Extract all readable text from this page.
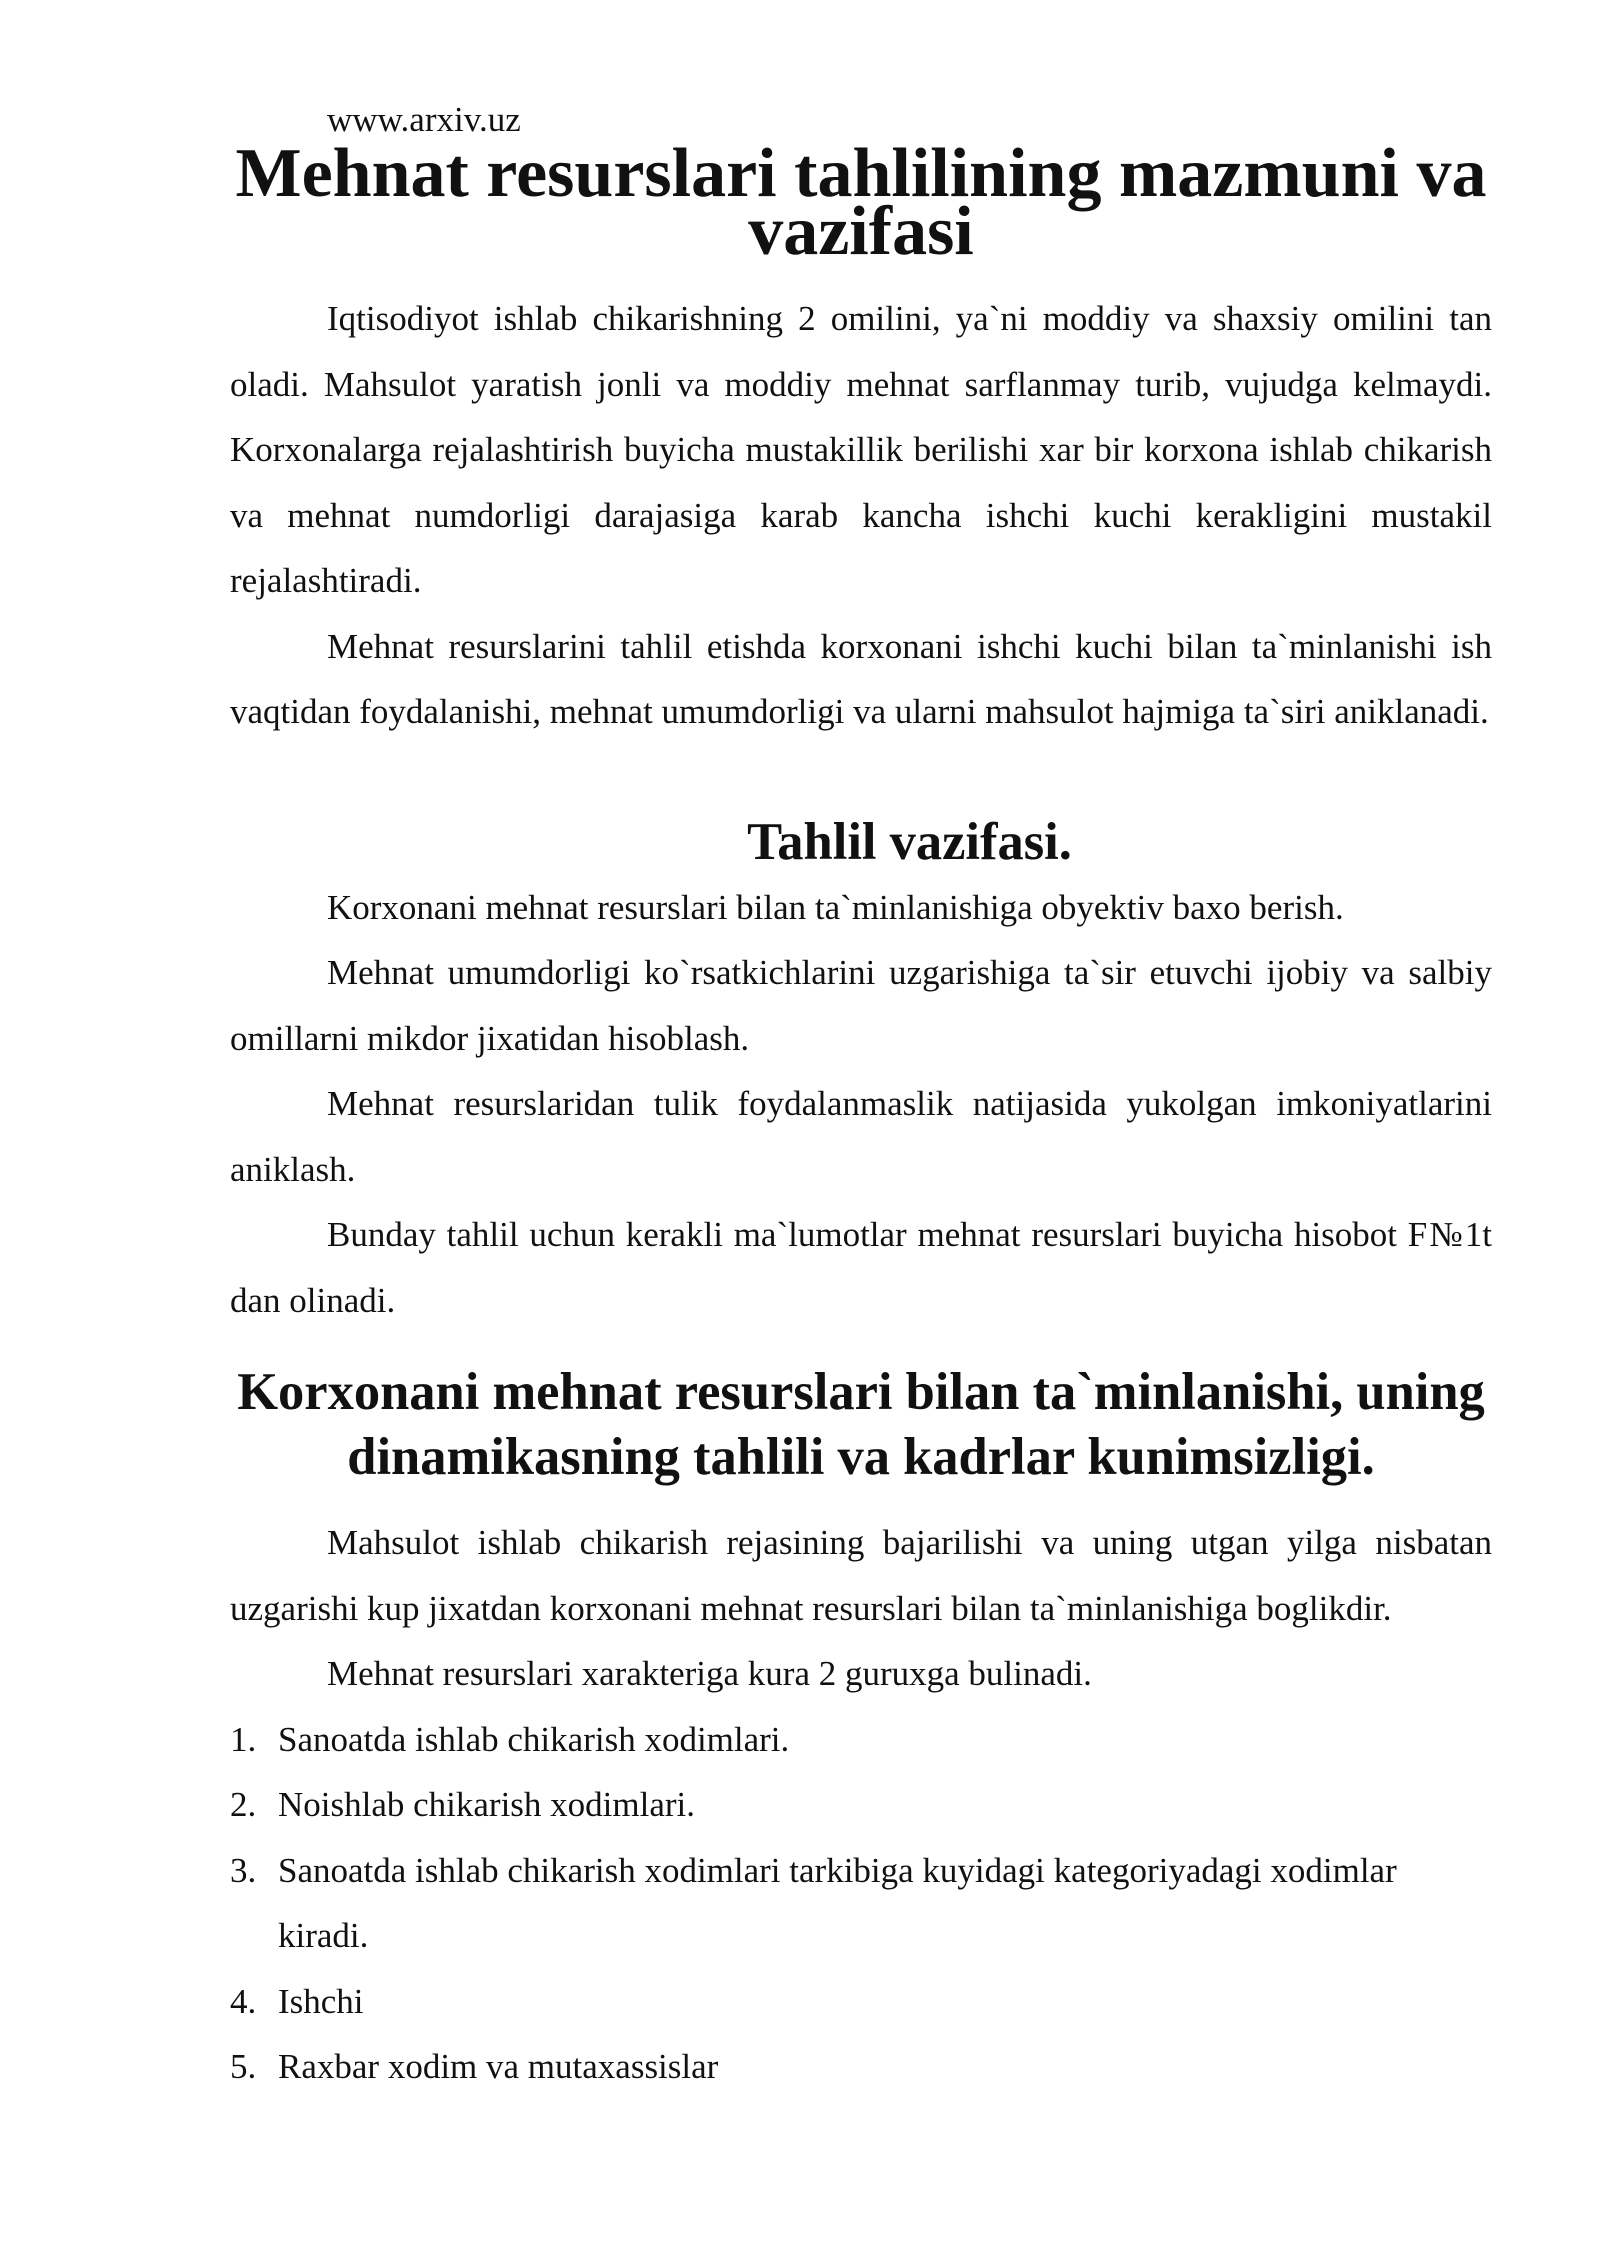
www.arxiv.uz
Mehnat resurslari tahlilining mazmuni va vazifasi

Iqtisodiyot ishlab chikarishning 2 omilini, ya`ni moddiy va shaxsiy omilini tan oladi. Mahsulot yaratish jonli va moddiy mehnat sarflanmay turib, vujudga kelmaydi. Korxonalarga rejalashtirish buyicha mustakillik berilishi xar bir korxona ishlab chikarish va mehnat numdorligi darajasiga karab kancha ishchi kuchi kerakligini mustakil rejalashtiradi.

Mehnat resurslarini tahlil etishda korxonani ishchi kuchi bilan ta`minlanishi ish vaqtidan foydalanishi, mehnat umumdorligi va ularni mahsulot hajmiga ta`siri aniklanadi.

Tahlil vazifasi.

Korxonani mehnat resurslari bilan ta`minlanishiga obyektiv baxo berish.

Mehnat umumdorligi ko`rsatkichlarini uzgarishiga ta`sir etuvchi ijobiy va salbiy omillarni mikdor jixatidan hisoblash.

Mehnat resurslaridan tulik foydalanmaslik natijasida yukolgan imkoniyatlarini aniklash.

Bunday tahlil uchun kerakli ma`lumotlar mehnat resurslari buyicha hisobot F№1t dan olinadi.

Korxonani mehnat resurslari bilan ta`minlanishi, uning dinamikasning tahlili va kadrlar kunimsizligi.

Mahsulot ishlab chikarish rejasining bajarilishi va uning utgan yilga nisbatan uzgarishi kup jixatdan korxonani mehnat resurslari bilan ta`minlanishiga boglikdir.

Mehnat resurslari xarakteriga kura 2 guruxga bulinadi.

1. Sanoatda ishlab chikarish xodimlari.
2. Noishlab chikarish xodimlari.
3. Sanoatda ishlab chikarish xodimlari tarkibiga kuyidagi kategoriyadagi xodimlar kiradi.
4. Ishchi
5. Raxbar xodim va mutaxassislar
